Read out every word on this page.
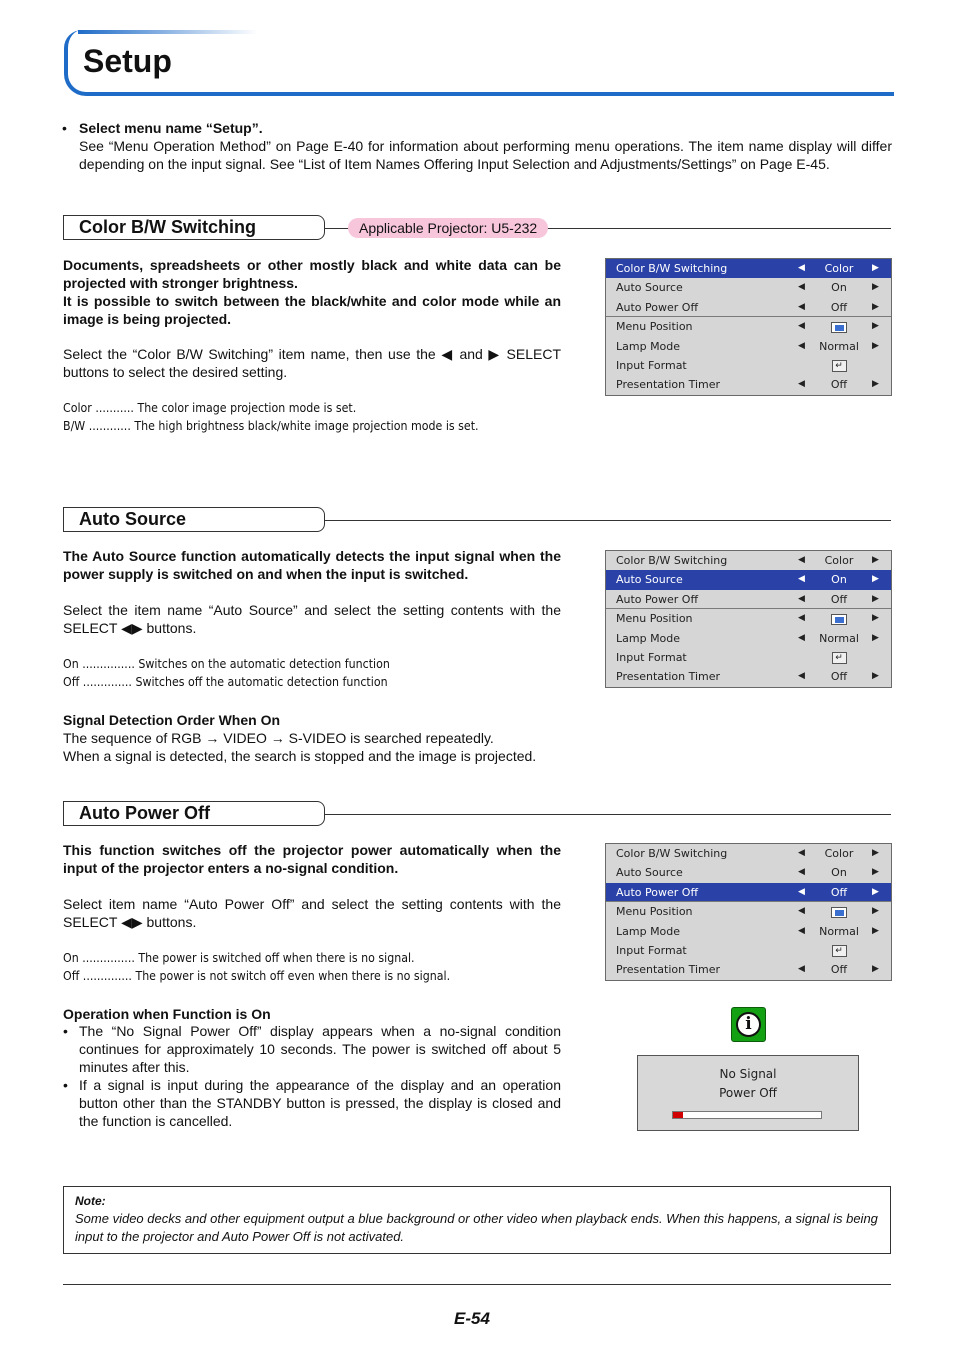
Setup
• Select menu name “Setup”.
See “Menu Operation Method” on Page E-40 for information about performing menu operations. The item name display will differ depending on the input signal. See “List of Item Names Offering Input Selection and Adjustments/Settings” on Page E-45.
Color B/W Switching	Applicable Projector: U5-232
Documents, spreadsheets or other mostly black and white data can be projected with stronger brightness.
It is possible to switch between the black/white and color mode while an image is being projected.
Select the “Color B/W Switching” item name, then use the ◀ and ▶ SELECT buttons to select the desired setting.
Color ........... The color image projection mode is set.
B/W ............ The high brightness black/white image projection mode is set.
Color B/W Switching	◀	Color	▶
Auto Source	◀	On	▶
Auto Power Off	◀	Off	▶
Menu Position	◀	▶
Lamp Mode	◀	Normal	▶
Input Format	↵
Presentation Timer	◀	Off	▶
Auto Source
The Auto Source function automatically detects the input signal when the power supply is switched on and when the input is switched.
Select the item name “Auto Source” and select the setting contents with the SELECT ◀▶ buttons.
On ............... Switches on the automatic detection function
Off .............. Switches off the automatic detection function
Signal Detection Order When On
The sequence of RGB → VIDEO → S-VIDEO is searched repeatedly.
When a signal is detected, the search is stopped and the image is projected.
Color B/W Switching	◀	Color	▶
Auto Source	◀	On	▶
Auto Power Off	◀	Off	▶
Menu Position	◀	▶
Lamp Mode	◀	Normal	▶
Input Format	↵
Presentation Timer	◀	Off	▶
Auto Power Off
This function switches off the projector power automatically when the input of the projector enters a no-signal condition.
Select item name “Auto Power Off” and select the setting contents with the SELECT ◀▶ buttons.
On ............... The power is switched off when there is no signal.
Off .............. The power is not switch off even when there is no signal.
Operation when Function is On
• The “No Signal Power Off” display appears when a no-signal condition continues for approximately 10 seconds. The power is switched off about 5 minutes after this.
• If a signal is input during the appearance of the display and an operation button other than the STANDBY button is pressed, the display is closed and the function is cancelled.
Color B/W Switching	◀	Color	▶
Auto Source	◀	On	▶
Auto Power Off	◀	Off	▶
Menu Position	◀	▶
Lamp Mode	◀	Normal	▶
Input Format	↵
Presentation Timer	◀	Off	▶
i
No Signal
Power Off
Note:
Some video decks and other equipment output a blue background or other video when playback ends. When this happens, a signal is being input to the projector and Auto Power Off is not activated.
E-54
